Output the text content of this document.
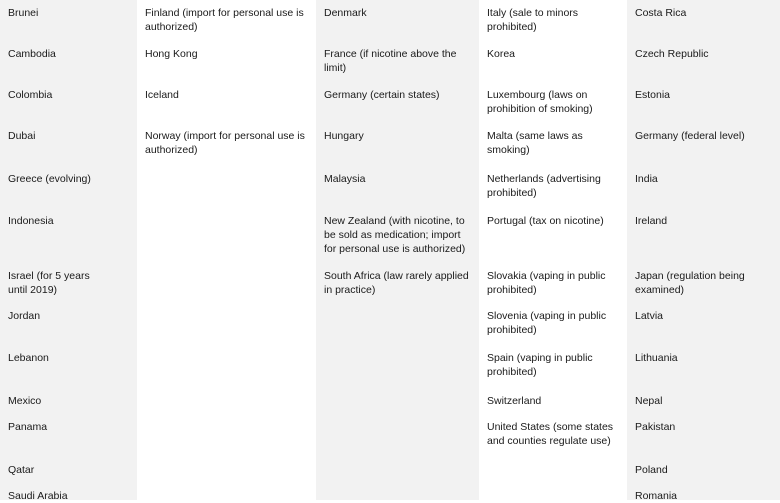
Brunei
Cambodia
Colombia
Dubai
Greece (evolving)
Indonesia
Israel (for 5 years until 2019)
Jordan
Lebanon
Mexico
Panama
Qatar
Saudi Arabia
Finland (import for personal use is authorized)
Hong Kong
Iceland
Norway (import for personal use is authorized)
Denmark
France (if nicotine above the limit)
Germany (certain states)
Hungary
Malaysia
New Zealand (with nicotine, to be sold as medication; import for personal use is authorized)
South Africa (law rarely applied in practice)
Italy (sale to minors prohibited)
Korea
Luxembourg (laws on prohibition of smoking)
Malta (same laws as smoking)
Netherlands (advertising prohibited)
Portugal (tax on nicotine)
Slovakia (vaping in public prohibited)
Slovenia (vaping in public prohibited)
Spain (vaping in public prohibited)
Switzerland
United States (some states and counties regulate use)
Costa Rica
Czech Republic
Estonia
Germany (federal level)
India
Ireland
Japan (regulation being examined)
Latvia
Lithuania
Nepal
Pakistan
Poland
Romania
